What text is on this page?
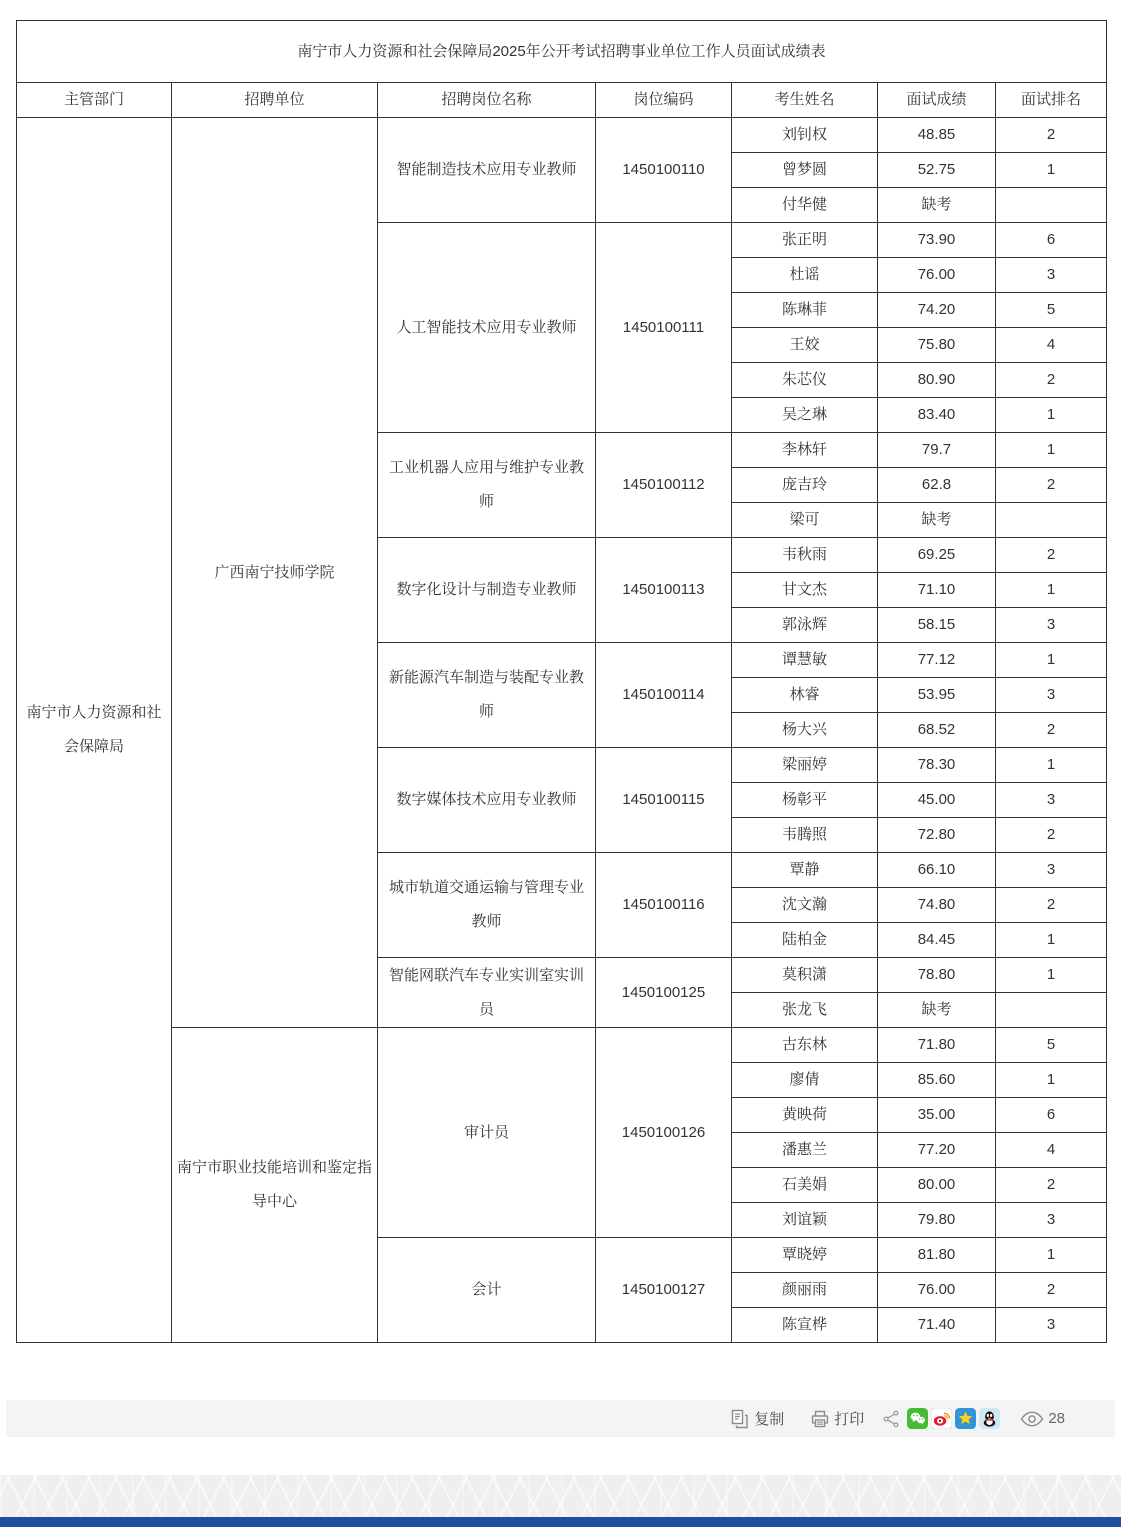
南宁市人力资源和社会保障局2025年公开考试招聘事业单位工作人员面试成绩表						
主管部门	招聘单位	招聘岗位名称	岗位编码	考生姓名	面试成绩	面试排名
南宁市人力资源和社会保障局	广西南宁技师学院	智能制造技术应用专业教师	1450100110	刘钊权	48.85	2
				曾梦圆	52.75	1
				付华健	缺考	
		人工智能技术应用专业教师	1450100111	张正明	73.90	6
				杜谣	76.00	3
				陈琳菲	74.20	5
				王姣	75.80	4
				朱芯仪	80.90	2
				吴之琳	83.40	1
		工业机器人应用与维护专业教师	1450100112	李林轩	79.7	1
				庞吉玲	62.8	2
				梁可	缺考	
		数字化设计与制造专业教师	1450100113	韦秋雨	69.25	2
				甘文杰	71.10	1
				郭泳辉	58.15	3
		新能源汽车制造与装配专业教师	1450100114	谭慧敏	77.12	1
				林睿	53.95	3
				杨大兴	68.52	2
		数字媒体技术应用专业教师	1450100115	梁丽婷	78.30	1
				杨彰平	45.00	3
				韦腾照	72.80	2
		城市轨道交通运输与管理专业教师	1450100116	覃静	66.10	3
				沈文瀚	74.80	2
				陆柏金	84.45	1
		智能网联汽车专业实训室实训员	1450100125	莫积潇	78.80	1
				张龙飞	缺考	
	南宁市职业技能培训和鉴定指导中心	审计员	1450100126	古东林	71.80	5
				廖倩	85.60	1
				黄映荷	35.00	6
				潘惠兰	77.20	4
				石美娟	80.00	2
				刘谊颖	79.80	3
		会计	1450100127	覃晓婷	81.80	1
				颜丽雨	76.00	2
				陈宣桦	71.40	3
复制	打印	28
